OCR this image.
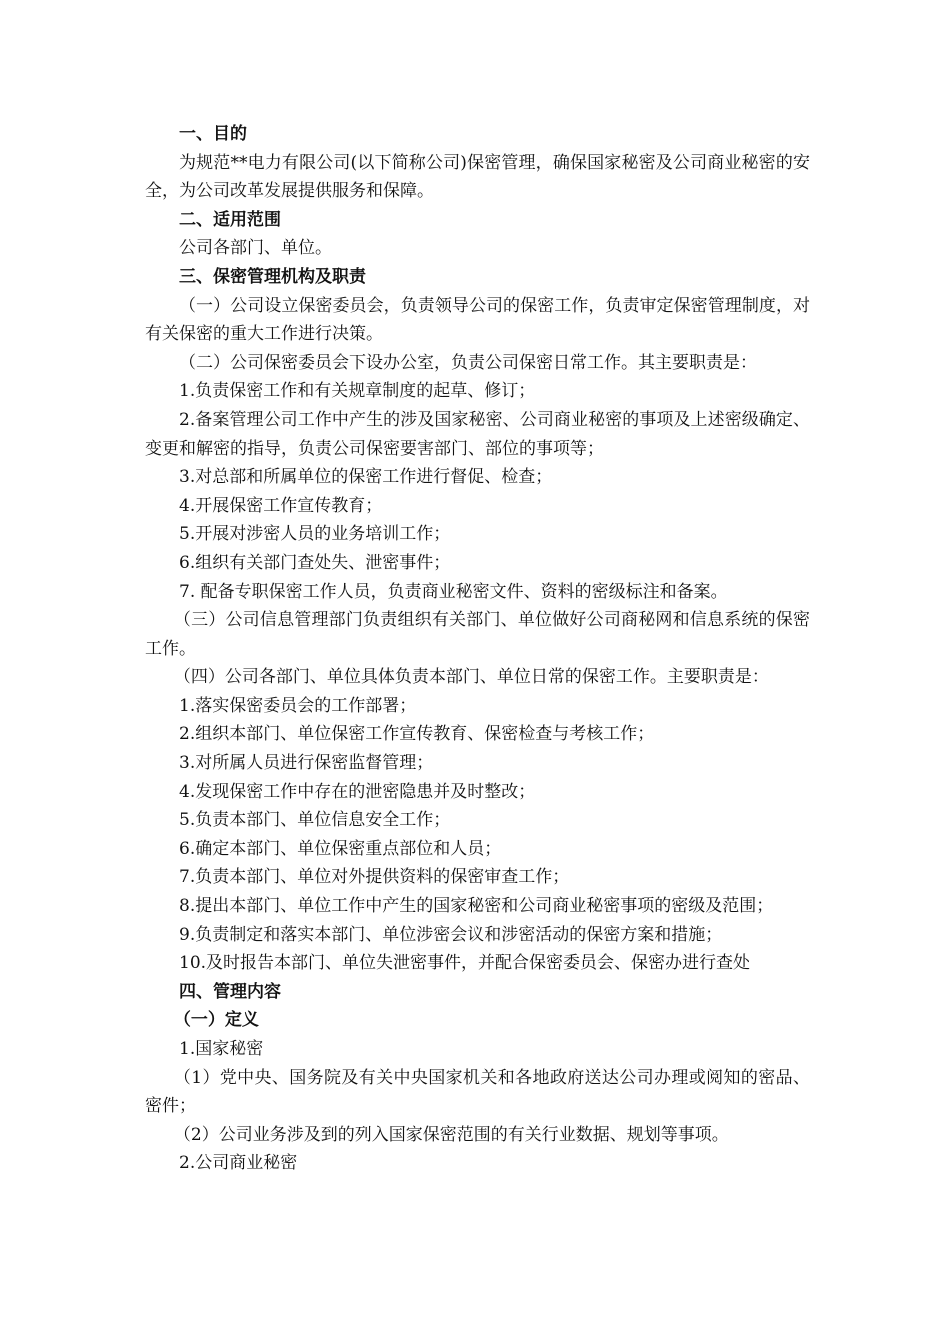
一、目的

为规范**电力有限公司(以下简称公司)保密管理，确保国家秘密及公司商业秘密的安全，为公司改革发展提供服务和保障。

二、适用范围

公司各部门、单位。

三、保密管理机构及职责

（一）公司设立保密委员会，负责领导公司的保密工作，负责审定保密管理制度，对有关保密的重大工作进行决策。

（二）公司保密委员会下设办公室，负责公司保密日常工作。其主要职责是：

1.负责保密工作和有关规章制度的起草、修订；

2.备案管理公司工作中产生的涉及国家秘密、公司商业秘密的事项及上述密级确定、变更和解密的指导，负责公司保密要害部门、部位的事项等；

3.对总部和所属单位的保密工作进行督促、检查；

4.开展保密工作宣传教育；

5.开展对涉密人员的业务培训工作；

6.组织有关部门查处失、泄密事件；

7. 配备专职保密工作人员，负责商业秘密文件、资料的密级标注和备案。

（三）公司信息管理部门负责组织有关部门、单位做好公司商秘网和信息系统的保密工作。

（四）公司各部门、单位具体负责本部门、单位日常的保密工作。主要职责是：

1.落实保密委员会的工作部署；

2.组织本部门、单位保密工作宣传教育、保密检查与考核工作；

3.对所属人员进行保密监督管理；

4.发现保密工作中存在的泄密隐患并及时整改；

5.负责本部门、单位信息安全工作；

6.确定本部门、单位保密重点部位和人员；

7.负责本部门、单位对外提供资料的保密审查工作；

8.提出本部门、单位工作中产生的国家秘密和公司商业秘密事项的密级及范围；

9.负责制定和落实本部门、单位涉密会议和涉密活动的保密方案和措施；

10.及时报告本部门、单位失泄密事件，并配合保密委员会、保密办进行查处

四、管理内容

（一）定义

1.国家秘密

（1）党中央、国务院及有关中央国家机关和各地政府送达公司办理或阅知的密品、密件；

（2）公司业务涉及到的列入国家保密范围的有关行业数据、规划等事项。

2.公司商业秘密
